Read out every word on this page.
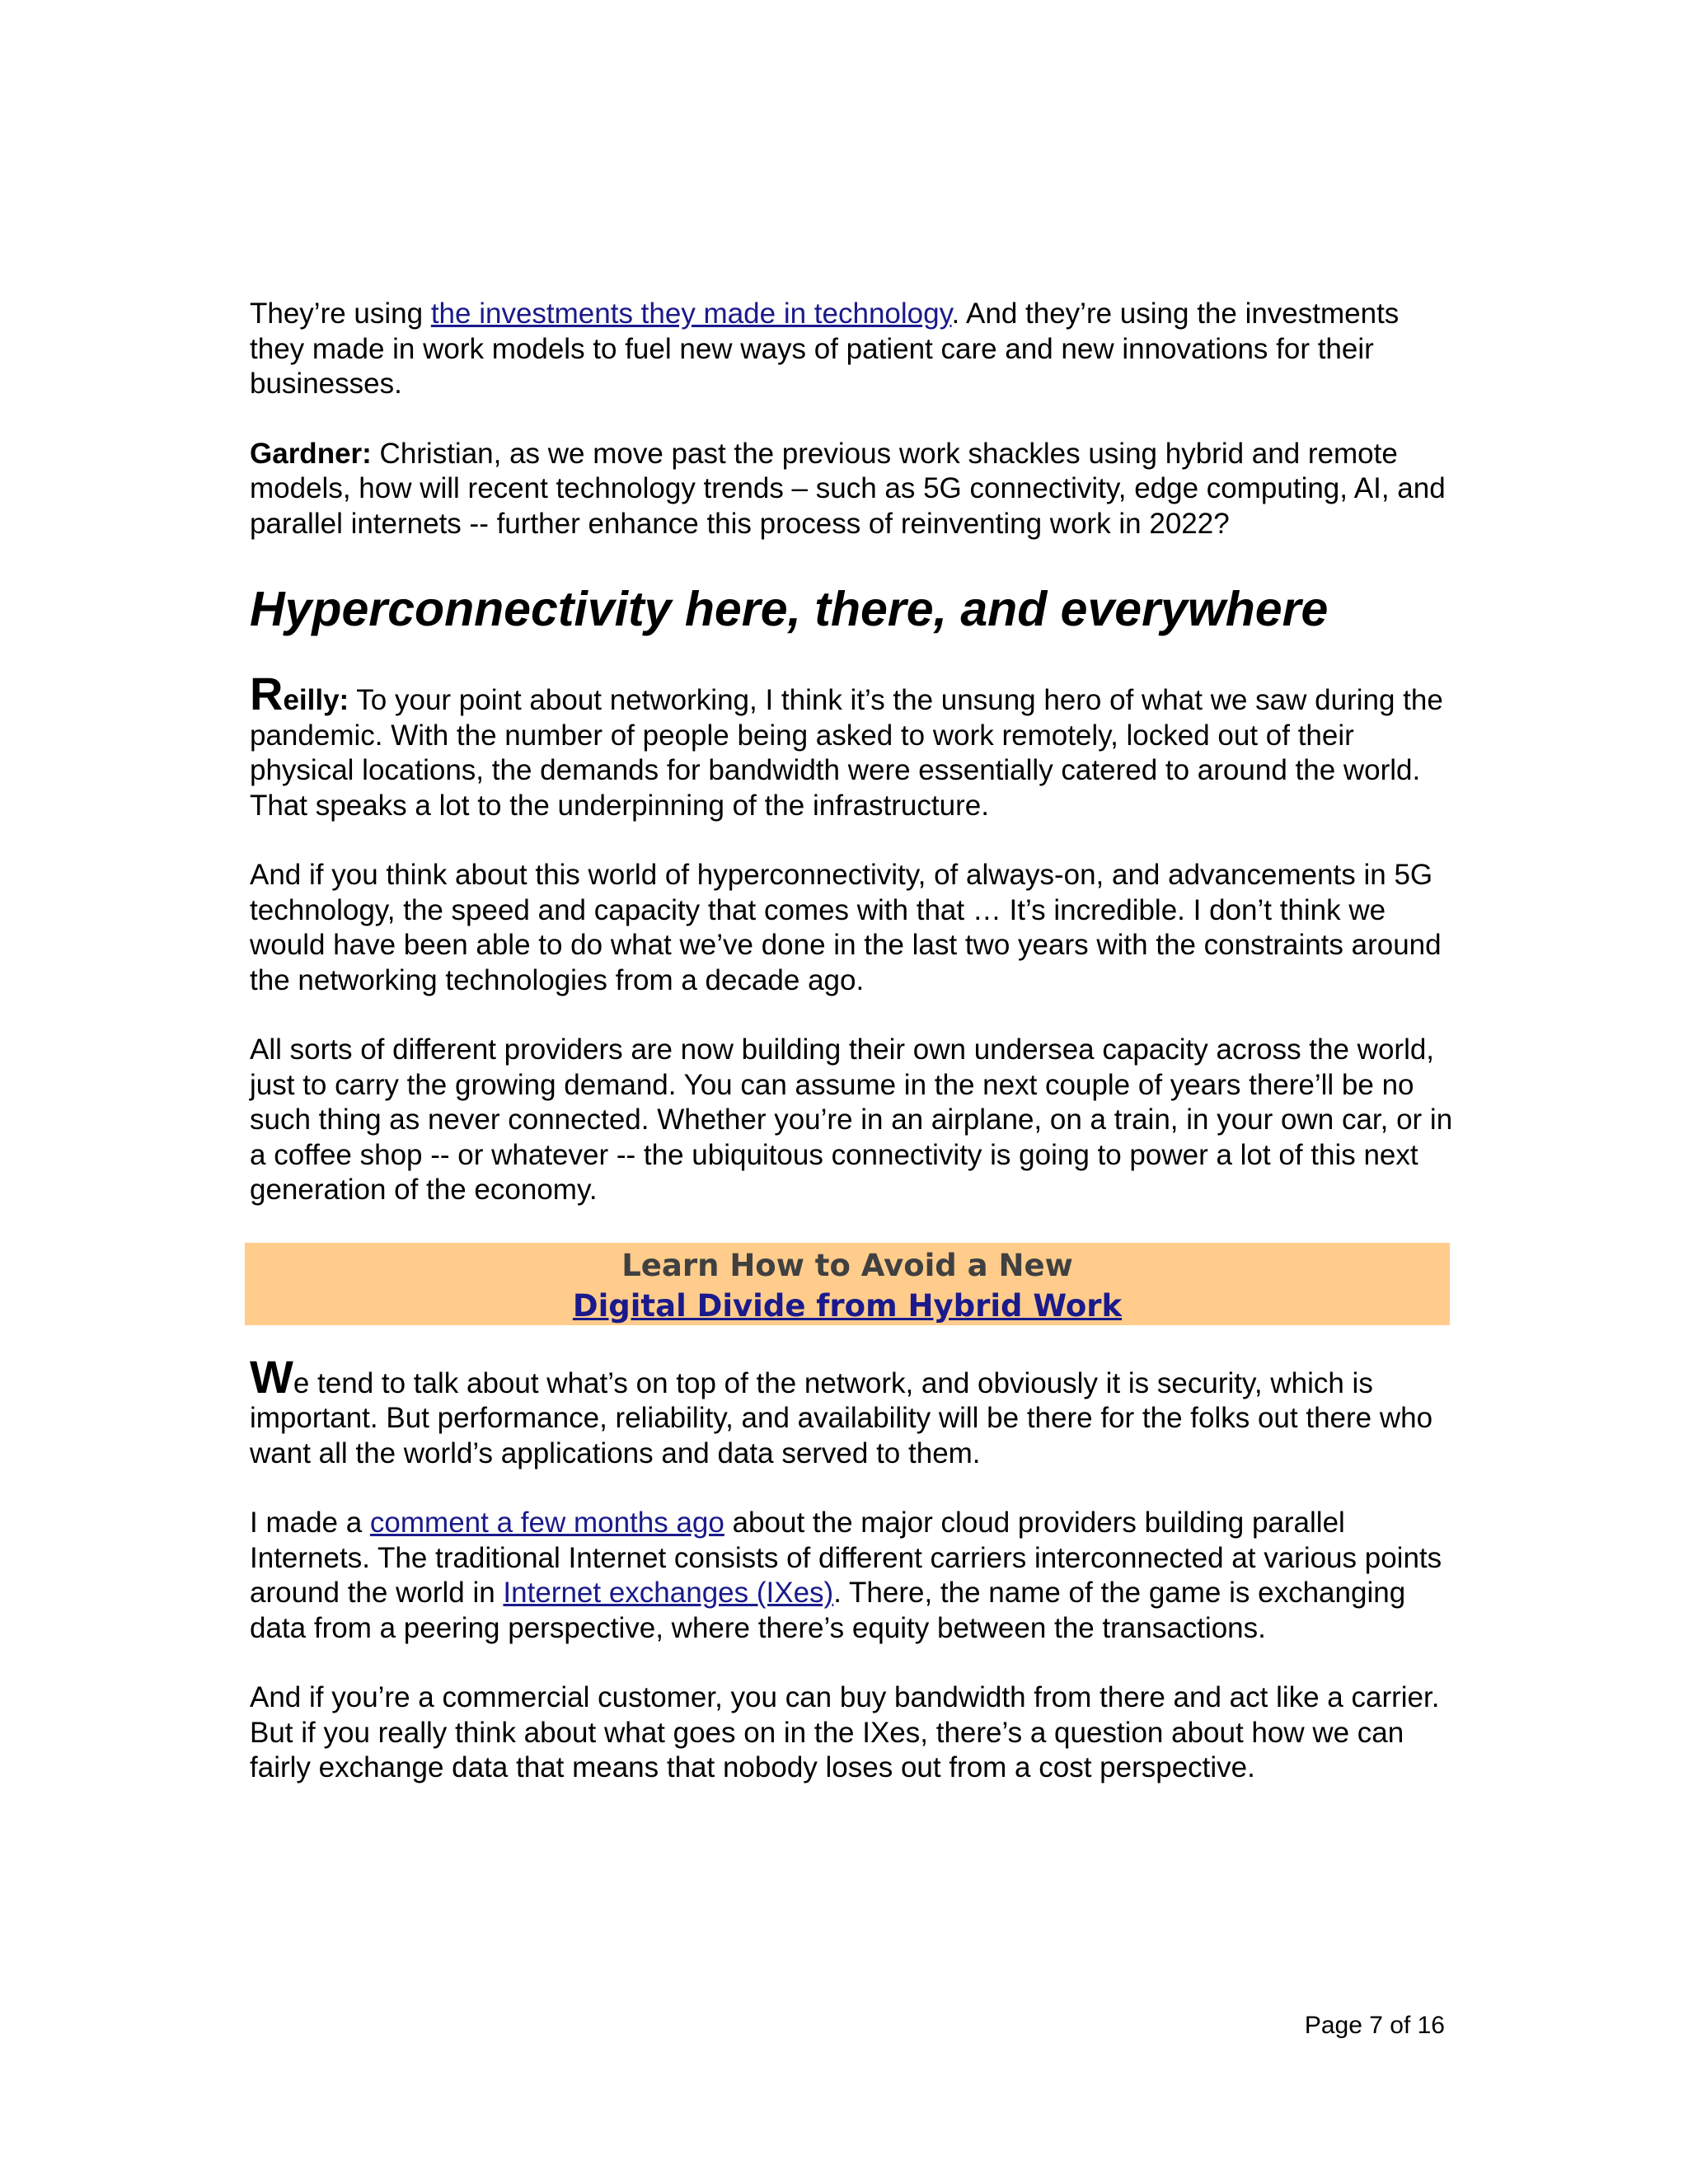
They’re using the investments they made in technology. And they’re using the investments they made in work models to fuel new ways of patient care and new innovations for their businesses.

Gardner: Christian, as we move past the previous work shackles using hybrid and remote models, how will recent technology trends – such as 5G connectivity, edge computing, AI, and parallel internets -- further enhance this process of reinventing work in 2022?

Hyperconnectivity here, there, and everywhere

Reilly: To your point about networking, I think it’s the unsung hero of what we saw during the pandemic. With the number of people being asked to work remotely, locked out of their physical locations, the demands for bandwidth were essentially catered to around the world. That speaks a lot to the underpinning of the infrastructure.

And if you think about this world of hyperconnectivity, of always-on, and advancements in 5G technology, the speed and capacity that comes with that … It’s incredible. I don’t think we would have been able to do what we’ve done in the last two years with the constraints around the networking technologies from a decade ago.

All sorts of different providers are now building their own undersea capacity across the world, just to carry the growing demand. You can assume in the next couple of years there’ll be no such thing as never connected. Whether you’re in an airplane, on a train, in your own car, or in a coffee shop -- or whatever -- the ubiquitous connectivity is going to power a lot of this next generation of the economy.

Learn How to Avoid a New
Digital Divide from Hybrid Work

We tend to talk about what’s on top of the network, and obviously it is security, which is important. But performance, reliability, and availability will be there for the folks out there who want all the world’s applications and data served to them.

I made a comment a few months ago about the major cloud providers building parallel Internets. The traditional Internet consists of different carriers interconnected at various points around the world in Internet exchanges (IXes). There, the name of the game is exchanging data from a peering perspective, where there’s equity between the transactions.

And if you’re a commercial customer, you can buy bandwidth from there and act like a carrier. But if you really think about what goes on in the IXes, there’s a question about how we can fairly exchange data that means that nobody loses out from a cost perspective.

Page 7 of 16
